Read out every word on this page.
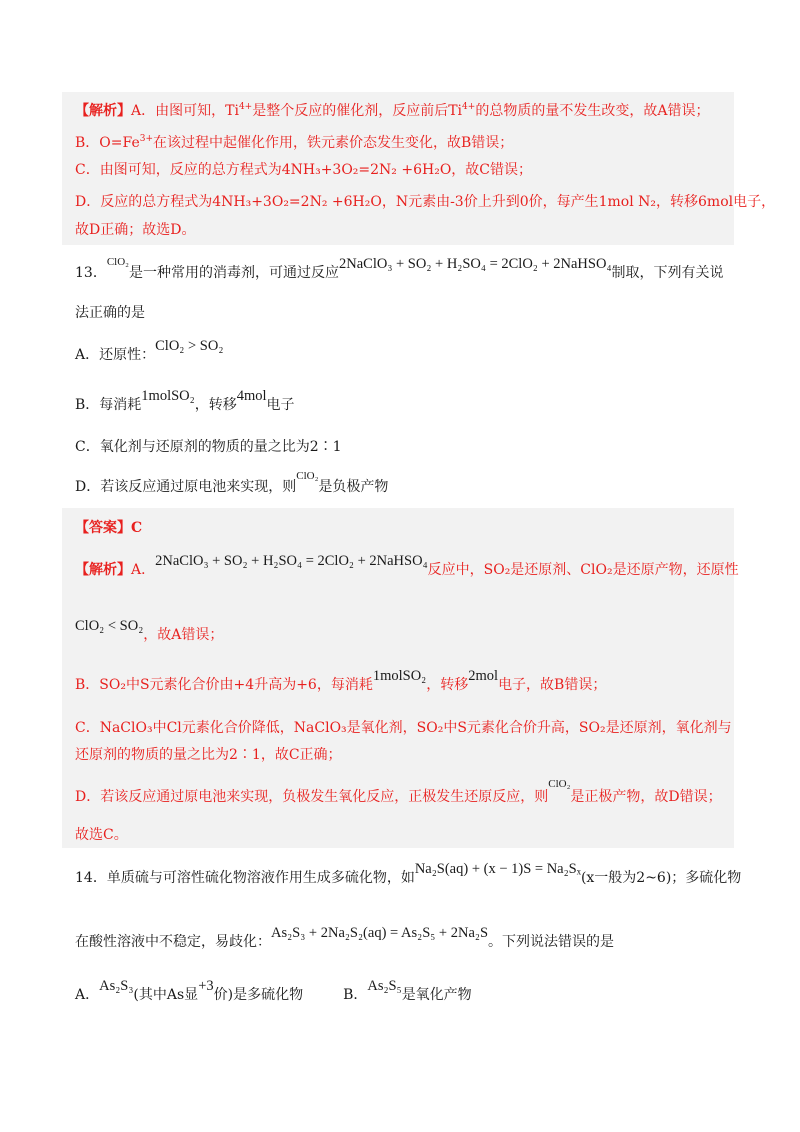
【解析】A．由图可知，$Ti^{4+}$是整个反应的催化剂，反应前后$Ti^{4+}$的总物质的量不发生改变，故A错误；
B．$O=Fe^{3+}$在该过程中起催化作用，铁元素价态发生变化，故B错误；
C．由图可知，反应的总方程式为4NH₃+3O₂=2N₂ +6H₂O，故C错误；
D．反应的总方程式为4NH₃+3O₂=2N₂ +6H₂O，N元素由-3价上升到0价，每产生1mol N₂，转移6mol电子，
故D正确；故选D。
13．$^{ClO_2}$是一种常用的消毒剂，可通过反应2NaClO₃ + SO₂ + H₂SO₄ = 2ClO₂ + 2NaHSO₄制取，下列有关说
法正确的是
A．还原性：ClO₂ > SO₂
B．每消耗1molSO₂，转移4mol电子
C．氧化剂与还原剂的物质的量之比为2∶1
D．若该反应通过原电池来实现，则$^{ClO_2}$是负极产物
【答案】C
【解析】A．2NaClO₃ + SO₂ + H₂SO₄ = 2ClO₂ + 2NaHSO₄反应中，SO₂是还原剂、ClO₂是还原产物，还原性
ClO₂ < SO₂，故A错误；
B．SO₂中S元素化合价由+4升高为+6，每消耗1molSO₂，转移2mol电子，故B错误；
C．NaClO₃中Cl元素化合价降低，NaClO₃是氧化剂，SO₂中S元素化合价升高，SO₂是还原剂，氧化剂与
还原剂的物质的量之比为2∶1，故C正确；
D．若该反应通过原电池来实现，负极发生氧化反应，正极发生还原反应，则$^{ClO_2}$是正极产物，故D错误；
故选C。
14．单质硫与可溶性硫化物溶液作用生成多硫化物，如Na₂S(aq) + (x − 1)S = Na₂Sₓ(x一般为2~6)；多硫化物
在酸性溶液中不稳定，易歧化：As₂S₃ + 2Na₂S₂(aq) = As₂S₅ + 2Na₂S。下列说法错误的是
A．As₂S₃(其中As显+3价)是多硫化物	B．As₂S₅是氧化产物
